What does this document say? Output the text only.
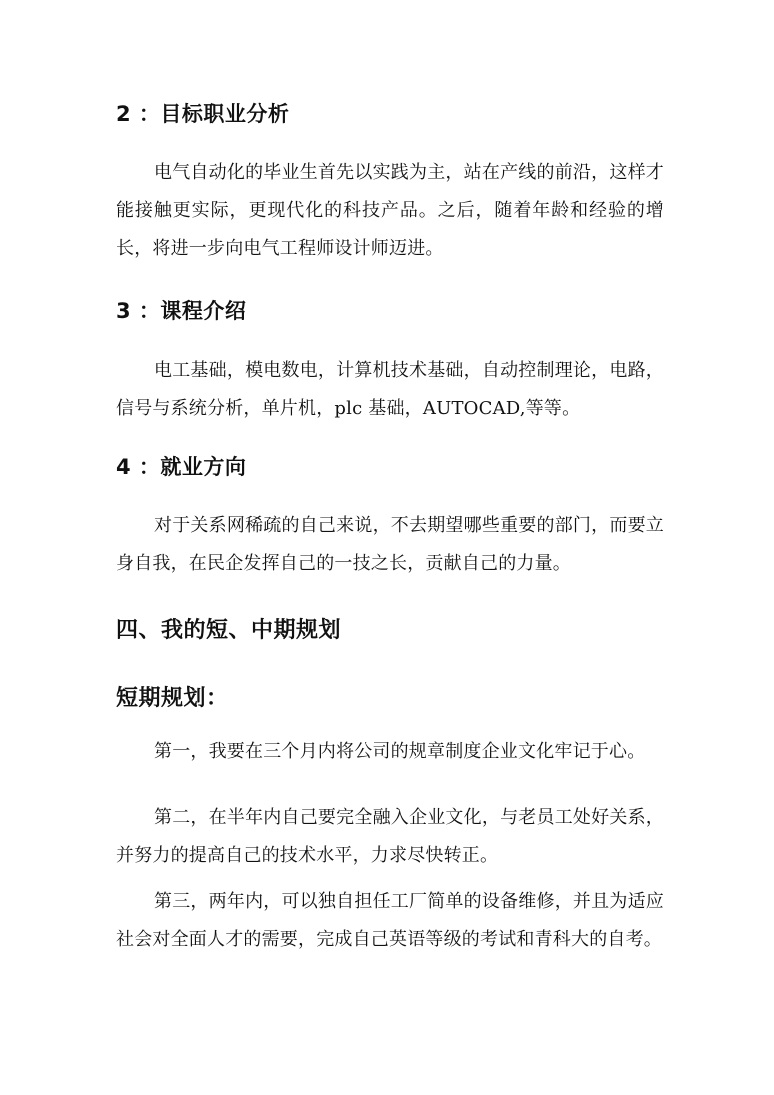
2 ：目标职业分析

电气自动化的毕业生首先以实践为主，站在产线的前沿，这样才能接触更实际，更现代化的科技产品。之后，随着年龄和经验的增长，将进一步向电气工程师设计师迈进。

3 ：课程介绍

电工基础，模电数电，计算机技术基础，自动控制理论，电路，信号与系统分析，单片机，plc 基础，AUTOCAD,等等。

4 ：就业方向

对于关系网稀疏的自己来说，不去期望哪些重要的部门，而要立身自我，在民企发挥自己的一技之长，贡献自己的力量。

四、我的短、中期规划
短期规划：

第一，我要在三个月内将公司的规章制度企业文化牢记于心。

第二，在半年内自己要完全融入企业文化，与老员工处好关系，并努力的提高自己的技术水平，力求尽快转正。

第三，两年内，可以独自担任工厂简单的设备维修，并且为适应社会对全面人才的需要，完成自己英语等级的考试和青科大的自考。
